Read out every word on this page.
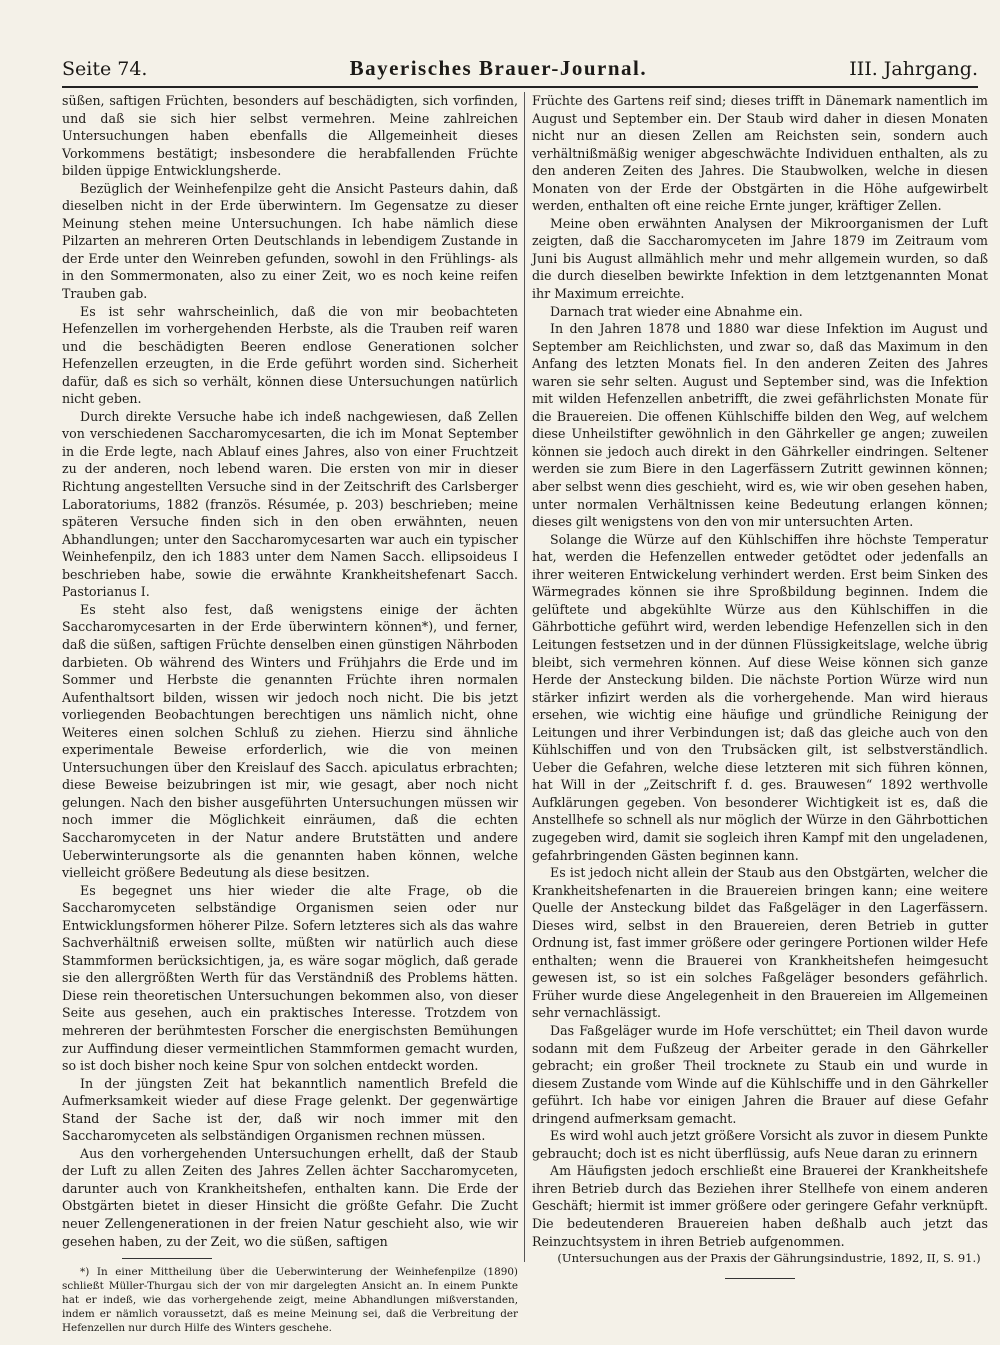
Seite 74.	Bayerisches Brauer-Journal.	III. Jahrgang.

süßen, saftigen Früchten, besonders auf beschädigten, sich vorfinden, und daß sie sich hier selbst vermehren. Meine zahlreichen Untersuchungen haben ebenfalls die Allgemeinheit dieses Vorkommens bestätigt; insbesondere die herabfallenden Früchte bilden üppige Entwicklungsherde.

Bezüglich der Weinhefenpilze geht die Ansicht Pasteurs dahin, daß dieselben nicht in der Erde überwintern. Im Gegensatze zu dieser Meinung stehen meine Untersuchungen. Ich habe nämlich diese Pilzarten an mehreren Orten Deutschlands in lebendigem Zustande in der Erde unter den Weinreben gefunden, sowohl in den Frühlings- als in den Sommermonaten, also zu einer Zeit, wo es noch keine reifen Trauben gab.

Es ist sehr wahrscheinlich, daß die von mir beobachteten Hefenzellen im vorhergehenden Herbste, als die Trauben reif waren und die beschädigten Beeren endlose Generationen solcher Hefenzellen erzeugten, in die Erde geführt worden sind. Sicherheit dafür, daß es sich so verhält, können diese Untersuchungen natürlich nicht geben.

Durch direkte Versuche habe ich indeß nachgewiesen, daß Zellen von verschiedenen Saccharomycesarten, die ich im Monat September in die Erde legte, nach Ablauf eines Jahres, also von einer Fruchtzeit zu der anderen, noch lebend waren. Die ersten von mir in dieser Richtung angestellten Versuche sind in der Zeitschrift des Carlsberger Laboratoriums, 1882 (französ. Résumée, p. 203) beschrieben; meine späteren Versuche finden sich in den oben erwähnten, neuen Abhandlungen; unter den Saccharomycesarten war auch ein typischer Weinhefenpilz, den ich 1883 unter dem Namen Sacch. ellipsoideus I beschrieben habe, sowie die erwähnte Krankheitshefenart Sacch. Pastorianus I.

Es steht also fest, daß wenigstens einige der ächten Saccharomycesarten in der Erde überwintern können*), und ferner, daß die süßen, saftigen Früchte denselben einen günstigen Nährboden darbieten. Ob während des Winters und Frühjahrs die Erde und im Sommer und Herbste die genannten Früchte ihren normalen Aufenthaltsort bilden, wissen wir jedoch noch nicht. Die bis jetzt vorliegenden Beobachtungen berechtigen uns nämlich nicht, ohne Weiteres einen solchen Schluß zu ziehen. Hierzu sind ähnliche experimentale Beweise erforderlich, wie die von meinen Untersuchungen über den Kreislauf des Sacch. apiculatus erbrachten; diese Beweise beizubringen ist mir, wie gesagt, aber noch nicht gelungen. Nach den bisher ausgeführten Untersuchungen müssen wir noch immer die Möglichkeit einräumen, daß die echten Saccharomyceten in der Natur andere Brutstätten und andere Ueberwinterungsorte als die genannten haben können, welche vielleicht größere Bedeutung als diese besitzen.

Es begegnet uns hier wieder die alte Frage, ob die Saccharomyceten selbständige Organismen seien oder nur Entwicklungsformen höherer Pilze. Sofern letzteres sich als das wahre Sachverhältniß erweisen sollte, müßten wir natürlich auch diese Stammformen berücksichtigen, ja, es wäre sogar möglich, daß gerade sie den allergrößten Werth für das Verständniß des Problems hätten. Diese rein theoretischen Untersuchungen bekommen also, von dieser Seite aus gesehen, auch ein praktisches Interesse. Trotzdem von mehreren der berühmtesten Forscher die energischsten Bemühungen zur Auffindung dieser vermeintlichen Stammformen gemacht wurden, so ist doch bisher noch keine Spur von solchen entdeckt worden.

In der jüngsten Zeit hat bekanntlich namentlich Brefeld die Aufmerksamkeit wieder auf diese Frage gelenkt. Der gegenwärtige Stand der Sache ist der, daß wir noch immer mit den Saccharomyceten als selbständigen Organismen rechnen müssen.

Aus den vorhergehenden Untersuchungen erhellt, daß der Staub der Luft zu allen Zeiten des Jahres Zellen ächter Saccharomyceten, darunter auch von Krankheitshefen, enthalten kann. Die Erde der Obstgärten bietet in dieser Hinsicht die größte Gefahr. Die Zucht neuer Zellengenerationen in der freien Natur geschieht also, wie wir gesehen haben, zu der Zeit, wo die süßen, saftigen

*) In einer Mittheilung über die Ueberwinterung der Weinhefenpilze (1890) schließt Müller-Thurgau sich der von mir dargelegten Ansicht an. In einem Punkte hat er indeß, wie das vorhergehende zeigt, meine Abhandlungen mißverstanden, indem er nämlich voraussetzt, daß es meine Meinung sei, daß die Verbreitung der Hefenzellen nur durch Hilfe des Winters geschehe.

Früchte des Gartens reif sind; dieses trifft in Dänemark namentlich im August und September ein. Der Staub wird daher in diesen Monaten nicht nur an diesen Zellen am Reichsten sein, sondern auch verhältnißmäßig weniger abgeschwächte Individuen enthalten, als zu den anderen Zeiten des Jahres. Die Staubwolken, welche in diesen Monaten von der Erde der Obstgärten in die Höhe aufgewirbelt werden, enthalten oft eine reiche Ernte junger, kräftiger Zellen.

Meine oben erwähnten Analysen der Mikroorganismen der Luft zeigten, daß die Saccharomyceten im Jahre 1879 im Zeitraum vom Juni bis August allmählich mehr und mehr allgemein wurden, so daß die durch dieselben bewirkte Infektion in dem letztgenannten Monat ihr Maximum erreichte.

Darnach trat wieder eine Abnahme ein.

In den Jahren 1878 und 1880 war diese Infektion im August und September am Reichlichsten, und zwar so, daß das Maximum in den Anfang des letzten Monats fiel. In den anderen Zeiten des Jahres waren sie sehr selten. August und September sind, was die Infektion mit wilden Hefenzellen anbetrifft, die zwei gefährlichsten Monate für die Brauereien. Die offenen Kühlschiffe bilden den Weg, auf welchem diese Unheilstifter gewöhnlich in den Gährkeller ge angen; zuweilen können sie jedoch auch direkt in den Gährkeller eindringen. Seltener werden sie zum Biere in den Lagerfässern Zutritt gewinnen können; aber selbst wenn dies geschieht, wird es, wie wir oben gesehen haben, unter normalen Verhältnissen keine Bedeutung erlangen können; dieses gilt wenigstens von den von mir untersuchten Arten.

Solange die Würze auf den Kühlschiffen ihre höchste Temperatur hat, werden die Hefenzellen entweder getödtet oder jedenfalls an ihrer weiteren Entwickelung verhindert werden. Erst beim Sinken des Wärmegrades können sie ihre Sproßbildung beginnen. Indem die gelüftete und abgekühlte Würze aus den Kühlschiffen in die Gährbottiche geführt wird, werden lebendige Hefenzellen sich in den Leitungen festsetzen und in der dünnen Flüssigkeitslage, welche übrig bleibt, sich vermehren können. Auf diese Weise können sich ganze Herde der Ansteckung bilden. Die nächste Portion Würze wird nun stärker infizirt werden als die vorhergehende. Man wird hieraus ersehen, wie wichtig eine häufige und gründliche Reinigung der Leitungen und ihrer Verbindungen ist; daß das gleiche auch von den Kühlschiffen und von den Trubsäcken gilt, ist selbstverständlich. Ueber die Gefahren, welche diese letzteren mit sich führen können, hat Will in der „Zeitschrift f. d. ges. Brauwesen“ 1892 werthvolle Aufklärungen gegeben. Von besonderer Wichtigkeit ist es, daß die Anstellhefe so schnell als nur möglich der Würze in den Gährbottichen zugegeben wird, damit sie sogleich ihren Kampf mit den ungeladenen, gefahrbringenden Gästen beginnen kann.

Es ist jedoch nicht allein der Staub aus den Obstgärten, welcher die Krankheitshefenarten in die Brauereien bringen kann; eine weitere Quelle der Ansteckung bildet das Faßgeläger in den Lagerfässern. Dieses wird, selbst in den Brauereien, deren Betrieb in gutter Ordnung ist, fast immer größere oder geringere Portionen wilder Hefe enthalten; wenn die Brauerei von Krankheitshefen heimgesucht gewesen ist, so ist ein solches Faßgeläger besonders gefährlich. Früher wurde diese Angelegenheit in den Brauereien im Allgemeinen sehr vernachlässigt.

Das Faßgeläger wurde im Hofe verschüttet; ein Theil davon wurde sodann mit dem Fußzeug der Arbeiter gerade in den Gährkeller gebracht; ein großer Theil trocknete zu Staub ein und wurde in diesem Zustande vom Winde auf die Kühlschiffe und in den Gährkeller geführt. Ich habe vor einigen Jahren die Brauer auf diese Gefahr dringend aufmerksam gemacht.

Es wird wohl auch jetzt größere Vorsicht als zuvor in diesem Punkte gebraucht; doch ist es nicht überflüssig, aufs Neue daran zu erinnern

Am Häufigsten jedoch erschließt eine Brauerei der Krankheitshefe ihren Betrieb durch das Beziehen ihrer Stellhefe von einem anderen Geschäft; hiermit ist immer größere oder geringere Gefahr verknüpft. Die bedeutenderen Brauereien haben deßhalb auch jetzt das Reinzuchtsystem in ihren Betrieb aufgenommen.

(Untersuchungen aus der Praxis der Gährungsindustrie, 1892, II, S. 91.)
